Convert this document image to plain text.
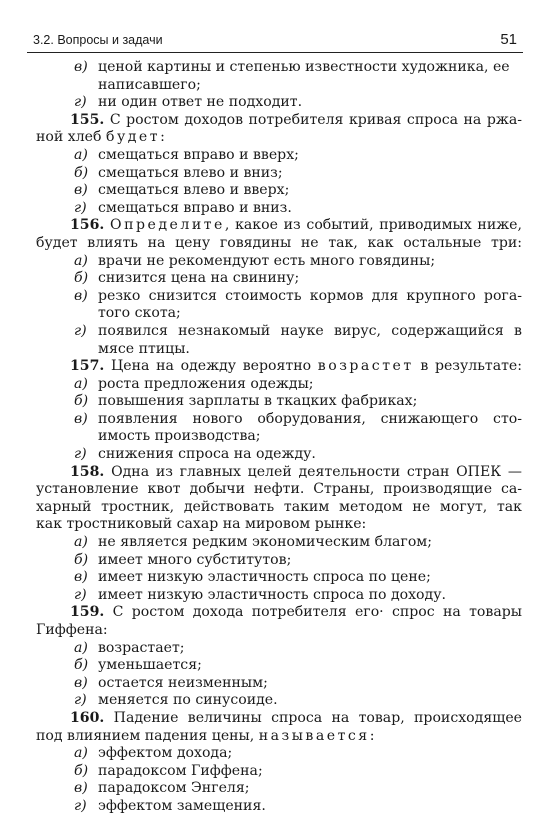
3.2. Вопросы и задачи	51
в) ценой картины и степенью известности художника, ее
написавшего;
г) ни один ответ не подходит.
155. С ростом доходов потребителя кривая спроса на ржа-
ной хлеб будет:
а) смещаться вправо и вверх;
б) смещаться влево и вниз;
в) смещаться влево и вверх;
г) смещаться вправо и вниз.
156. Определите, какое из событий, приводимых ниже,
будет влиять на цену говядины не так, как остальные три:
а) врачи не рекомендуют есть много говядины;
б) снизится цена на свинину;
в) резко снизится стоимость кормов для крупного рога-
того скота;
г) появился незнакомый науке вирус, содержащийся в
мясе птицы.
157. Цена на одежду вероятно возрастет в результате:
а) роста предложения одежды;
б) повышения зарплаты в ткацких фабриках;
в) появления нового оборудования, снижающего сто-
имость производства;
г) снижения спроса на одежду.
158. Одна из главных целей деятельности стран ОПЕК —
установление квот добычи нефти. Страны, производящие са-
харный тростник, действовать таким методом не могут, так
как тростниковый сахар на мировом рынке:
а) не является редким экономическим благом;
б) имеет много субститутов;
в) имеет низкую эластичность спроса по цене;
г) имеет низкую эластичность спроса по доходу.
159. С ростом дохода потребителя его· спрос на товары
Гиффена:
а) возрастает;
б) уменьшается;
в) остается неизменным;
г) меняется по синусоиде.
160. Падение величины спроса на товар, происходящее
под влиянием падения цены, называется:
а) эффектом дохода;
б) парадоксом Гиффена;
в) парадоксом Энгеля;
г) эффектом замещения.
